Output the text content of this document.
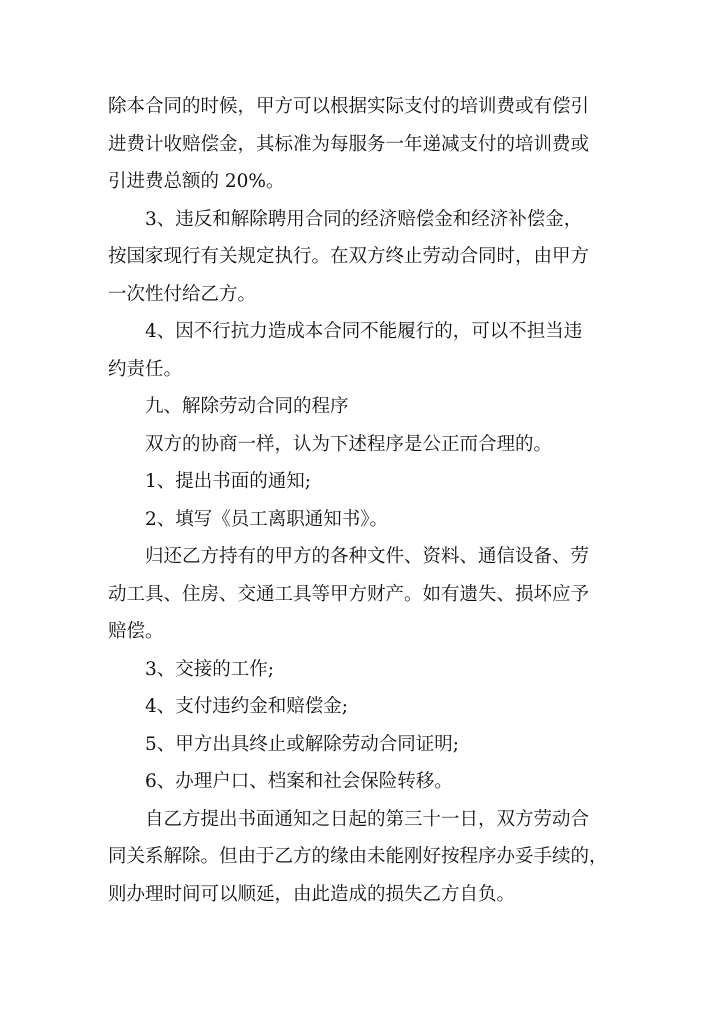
除本合同的时候，甲方可以根据实际支付的培训费或有偿引
进费计收赔偿金，其标准为每服务一年递减支付的培训费或
引进费总额的 20%。

3、违反和解除聘用合同的经济赔偿金和经济补偿金，
按国家现行有关规定执行。在双方终止劳动合同时，由甲方
一次性付给乙方。

4、因不行抗力造成本合同不能履行的，可以不担当违
约责任。

九、解除劳动合同的程序

双方的协商一样，认为下述程序是公正而合理的。

1、提出书面的通知;

2、填写《员工离职通知书》。

归还乙方持有的甲方的各种文件、资料、通信设备、劳
动工具、住房、交通工具等甲方财产。如有遗失、损坏应予
赔偿。

3、交接的工作;

4、支付违约金和赔偿金;

5、甲方出具终止或解除劳动合同证明;

6、办理户口、档案和社会保险转移。

自乙方提出书面通知之日起的第三十一日，双方劳动合
同关系解除。但由于乙方的缘由未能刚好按程序办妥手续的，
则办理时间可以顺延，由此造成的损失乙方自负。
